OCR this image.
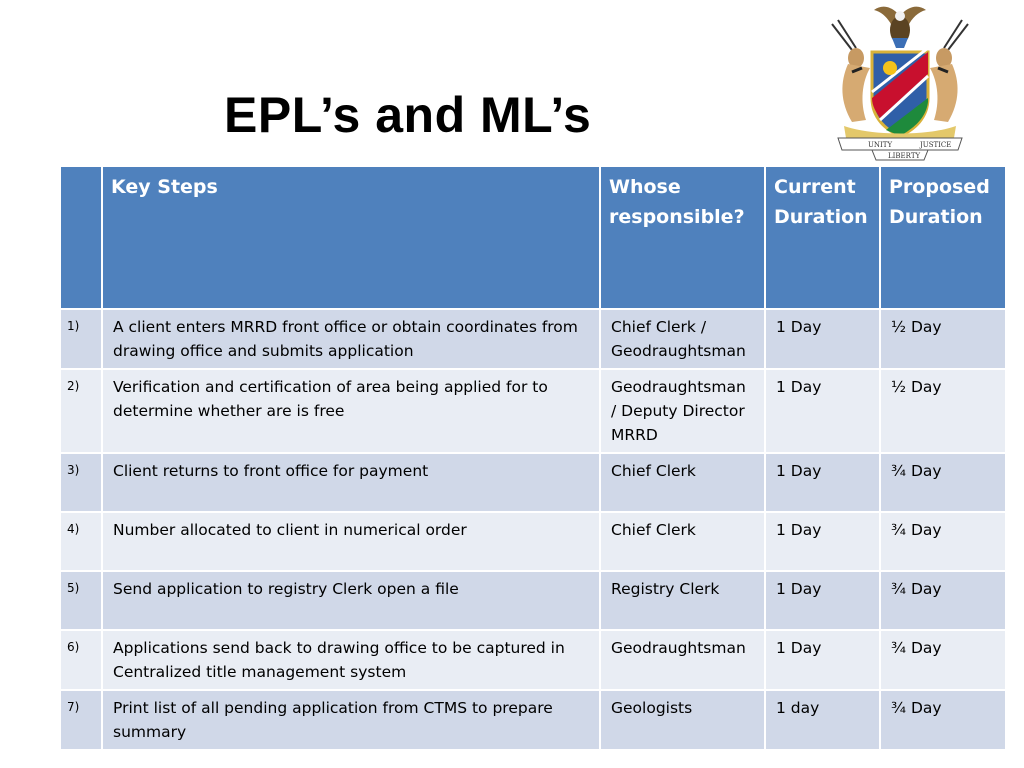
EPL’s and ML’s
UNITY
LIBERTY
JUSTICE
	Key Steps	Whose responsible?	Current Duration	Proposed Duration
1)	A client enters MRRD front office or obtain coordinates from drawing office and submits application	Chief Clerk / Geodraughtsman	1 Day	½ Day
2)	Verification and certification of area being applied for to determine whether are is free	Geodraughtsman / Deputy Director MRRD	1 Day	½ Day
3)	Client returns to front office for payment	Chief Clerk	1 Day	¾ Day
4)	Number allocated to client in numerical order	Chief Clerk	1 Day	¾ Day
5)	Send application to registry Clerk open a file	Registry Clerk	1 Day	¾ Day
6)	Applications send back to drawing office to be captured in Centralized title management system	Geodraughtsman	1 Day	¾ Day
7)	Print list of all pending application from CTMS to prepare summary	Geologists	1 day	¾ Day
